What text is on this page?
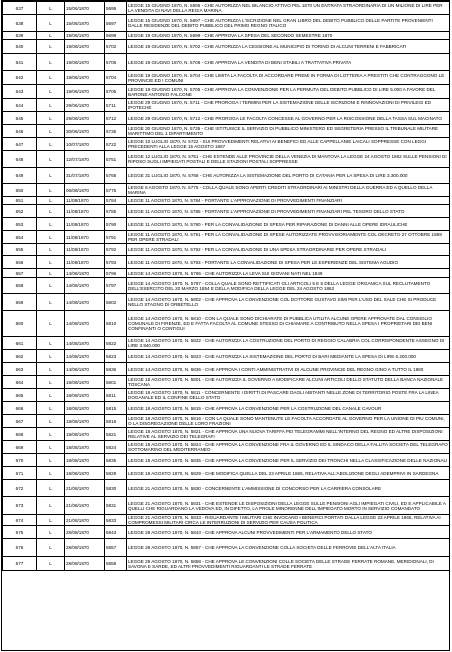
637	L	15/06/1870	5695	LEGGE 15 GIUGNO 1870, N. 5695 - CHE AUTORIZZA NEL BILANCIO ATTIVO PEL 1870 UN ENTRATA STRAORDINARIA DI UN MILIONE DI LIRE PER LA VENDITA DI NAVI DELLA REGIA MARINA
638	L	15/06/1870	5697	LEGGE 15 GIUGNO 1870, N. 5697 - CHE AUTORIZZA L'ISCRIZIONE NEL GRAN LIBRO DEL DEBITO PUBBLICO DELLE PARTITE PROVENIENTI DALLE RESIDENZE DEL DEBITO PUBBLICO DEL PRIMO REGNO ITALICO
639	L	19/06/1870	5699	LEGGE 19 GIUGNO 1870, N. 5699 - CHE APPROVA LA SPESA DEL SECONDO SEMESTRE 1870
640	L	19/06/1870	5702	LEGGE 19 GIUGNO 1870, N. 5702 - CHE AUTORIZZA LA CESSIONE AL MUNICIPIO DI TORINO DI ALCUNI TERRENI E FABBRICATI
641	L	19/06/1870	5706	LEGGE 19 GIUGNO 1870, N. 5706 - CHE APPROVA LA VENDITA DI BENI STABILI A TRATTATIVA PRIVATA
642	L	19/06/1870	5704	LEGGE 19 GIUGNO 1870, N. 5704 - CHE LIMITA LA FACOLTA DI ACCORDARE PREMI IN FORMA DI LOTTERIA A PRESTITI CHE CONTRAGGONO LE PROVINCIE ED I COMUNI
643	L	19/06/1870	5705	LEGGE 19 GIUGNO 1870, N. 5705 - CHE APPROVA LA CONVENZIONE PER LA PERMUTA DEL DEBITO PUBBLICO DI LIRE 5.000 A FAVORE DEL BARONE ANTONIO FALCONE
644	L	29/06/1870	5711	LEGGE 29 GIUGNO 1870, N. 5711 - CHE PROROGA I TERMINI PER LA SISTEMAZIONE DELLE ISCRIZIONI E RINNOVAZIONI DI PRIVILEGI ED IPOTECHE
645	L	29/06/1870	5712	LEGGE 29 GIUGNO 1870, N. 5712 - CHE PROROGA LE FACOLTA CONCESSE AL GOVERNO PER LA RISCOSSIONE DELLA TASSA SUL MACINATO
646	L	30/06/1870	5735	LEGGE 30 GIUGNO 1870, N. 5735 - CHE ISTITUISCE IL SERVIZIO DI PUBBLICO MINISTERO ED SEGRETERIA PRESSO IL TRIBUNALE MILITARE MARITTIMO DEL 1 DIPARTIMENTO
647	L	10/07/1870	5722	LEGGE 10 LUGLIO 1870, N. 5722 - SUI PROVVEDIMENTI RELATIVI AI BENEFICI ED ALLE CAPPELLANIE LAICALI SOPPRESSE CON LEGGI PRECEDENTI ALLA LEGGE 15 AGOSTO 1867
648	L	12/07/1870	5751	LEGGE 12 LUGLIO 1870, N. 5751 - CHE ESTENDE ALLE PROVINCIE DELLA VENEZIA DI MANTOVA LA LEGGE 24 AGOSTO 1862 SULLE PENSIONI DI RIPOSO SUGLI IMPIEGATI POSTALI E DELLE STAZIONI POSTALI SOPPRESSE
649	L	31/07/1870	5768	LEGGE 31 LUGLIO 1870, N. 5768 - CHE AUTORIZZA LA SISTEMAZIONE DEL PORTO DI CATANIA PER LA SPESA DI LIRE 3.300.000
650	L	06/08/1870	5775	LEGGE 6 AGOSTO 1870, N. 5775 - COLLA QUALE SONO APERTI CREDITI STRAORDINARI AI MINISTRI DELLA GUERRA ED A QUELLO DELLA MARINA
651	L	11/08/1870	5784	LEGGE 11 AGOSTO 1870, N. 5784 - PORTANTE L'APPROVAZIONE DI PROVVEDIMENTI FINANZIARI
652	L	11/08/1870	5785	LEGGE 11 AGOSTO 1870, N. 5785 - PORTANTE L'APPROVAZIONE DI PROVVEDIMENTI FINANZIARI PEL TESORO DELLO STATO
653	L	11/08/1870	5790	LEGGE 11 AGOSTO 1870, N. 5790 - PER LA CONVALIDAZIONE DI SPESA PER RIPARAZIONE DI DANNI ALLE OPERE IDRAULICHE
654	L	11/08/1870	5791	LEGGE 11 AGOSTO 1870, N. 5791 - PER LA CONVALIDAZIONE DI SPESE AUTORIZZATE PROVVISORIAMENTE COL DECRETO 27 OTTOBRE 1869 PER OPERE STRADALI
655	L	11/08/1870	5792	LEGGE 11 AGOSTO 1870, N. 5792 - PER LA CONVALIDAZIONE DI UNA SPESA STRAORDINARIE PER OPERE STRADALI
656	L	11/08/1870	5793	LEGGE 11 AGOSTO 1870, N. 5793 - PORTANTE LA CONVALIDAZIONE DI SPESA PER LE ESPERIENZE DEL SISTEMA AGUDIO
657	L	14/08/1870	5796	LEGGE 14 AGOSTO 1870, N. 5796 - CHE AUTORIZZA LA LEVA SUI GIOVANI NATI NEL 1849
658	L	14/08/1870	5797	LEGGE 14 AGOSTO 1870, N. 5797 - COLLA QUALE SONO RETTIFICATI GLI ARTICOLI 5 E 6 DELLA LEGGE ORGANICA SUL RECLUTAMENTO DELL'ESERCITO DEL 20 MARZO 1854 E DELLA MODIFICA DELLA LEGGE DEL 24 AGOSTO 1862
659	L	14/08/1870	5802	LEGGE 14 AGOSTO 1870, N. 5802 - CHE APPROVA LA CONVENZIONE COL DOTTORE GUSTAVO SIMI PER L'USO DEL SALE CHE SI PRODUCE NELLO STAGNO DI ORBETELLO
660	L	14/08/1870	5810	LEGGE 14 AGOSTO 1870, N. 5810 - CON LA QUALE SONO DICHIARATE DI PUBBLICA UTILITA ALCUNE OPERE APPROVATE DAL CONSIGLIO COMUNALE DI FIRENZE, ED E FATTA FACOLTA AL COMUNE STESSO DI CHIAMARE A CONTRIBUTO NELLA SPESA I PROPRIETARI DEI BENI CONFINANTI O CONTIGUI
661	L	14/08/1870	5822	LEGGE 14 AGOSTO 1870, N. 5822 - CHE AUTORIZZA LA COSTRUZIONE DEL PORTO DI REGGIO CALABRIA COL CORRISPONDENTE ASSEGNO DI LIRE 3.940.000
662	L	14/08/1870	5823	LEGGE 14 AGOSTO 1870, N. 5823 - CHE AUTORIZZA LA SISTEMAZIONE DEL PORTO DI BARI MEDIANTE LA SPESA DI LIRE 6.200.000
663	L	14/08/1870	5836	LEGGE 14 AGOSTO 1870, N. 5836 - CHE APPROVA I CONTI AMMINISTRATIVI DI ALCUNE PROVINCIE DEL REGNO GINO A TUTTO IL 1860
664	L	18/08/1870	5801	LEGGE 18 AGOSTO 1870, N. 5801 - CHE AUTORIZZA IL GOVERNO A MODIFICARE ALCUNI ARTICOLI DELLO STATUTO DELLA BANCA NAZIONALE TOSCANA
665	L	18/08/1870	5811	LEGGE 18 AGOSTO 1870, N. 5811 - CONCERNENTE I DIRITTI DI PASCARE DAGLI ABITANTI NELLE ZONE DI TERRITORIO POSTE FRA LA LINEA DOGANALE ED IL CONFINE DELLO STATO
666	L	18/08/1870	5815	LEGGE 18 AGOSTO 1870, N. 5815 - CHE APPROVA LA CONVENZIONE PER LA COSTRUZIONE DEL CANALE CAVOUR
667	L	18/08/1870	5816	LEGGE 18 AGOSTO 1870, N. 5816 - CON LA QUALE SONO MANTENUTE LE FACOLTA ACCORDATE AL GOVERNO PER LA UNIONE DI PIU COMUNI, O LA DISGREGAZIONE DELLE LORO FRAZIONI
668	L	18/08/1870	5821	LEGGE 18 AGOSTO 1870, N. 5821 - CHE APPROVA UNA NUOVA TARIFFA PEI TELEGRAMMI NELL'INTERNO DEL REGNO ED ALTRE DISPOSIZIONI RELATIVE AL SERVIZIO DEI TELEGRAFI
669	L	18/08/1870	5824	LEGGE 18 AGOSTO 1870, N. 5824 - CHE APPROVA LA CONVENZIONE FRA IL GOVERNO ED IL SINDACO DELLA FALLITA SOCIETA DEL TELEGRAFO SOTTOMARINO DEL MEDITERRANEO
670	L	18/08/1870	5835	LEGGE 18 AGOSTO 1870, N. 5835 - CHE APPROVA LA CONVENZIONE PER IL SERVIZIO DEI TRONCHI NELLA CLASSIFICAZIONE DELLE NAZIONALI
671	L	18/08/1870	5829	LEGGE 18 AGOSTO 1870, N. 5829 - CHE MODIFICA QUELLA DEL 23 APRILE 1865, RELATIVA ALL'ABOLIZIONE DEGLI ADEMPRIVI IN SARDEGNA
672	L	21/08/1870	5830	LEGGE 21 AGOSTO 1870, N. 5830 - CONCERNENTE L'AMMISSIONE DI CONCORSO PER LA CARRIERA CONSOLARE
673	L	21/08/1870	5831	LEGGE 21 AGOSTO 1870, N. 5831 - CHE ESTENDE LE DISPOSIZIONI DELLA LEGGE SULLE PENSIONI AGLI IMPIEGATI CIVILI, ED E APPLICABILE A QUELLI CHE RIGUARDANO LA VEDOVA ED, IN DIFETTO, LA PROLE MINORENNE DELL'IMPIEGATO MORTO IN SERVIZIO COMANDATO
674	L	21/08/1870	5833	LEGGE 21 AGOSTO 1870, N. 5833 - RIGUARDANTE I MILITARI CHE INVOCANO I BENEFICI PORTATI DALLA LEGGE 23 APRILE 1865, RELATIVA AI COMPROMESSI MILITARI CIRCA LE INTERRUZIONI DI SERVIZIO PER CAUSA POLITICA
675	L	28/08/1870	5843	LEGGE 28 AGOSTO 1870, N. 5843 - CHE APPROVA ALCUNI PROVVEDIMENTI PER L'ARMAMENTO DELLO STATO
676	L	28/08/1870	5857	LEGGE 28 AGOSTO 1870, N. 5857 - CHE APPROVA LA CONVENZIONE COLLA SOCIETA DELLE FERROVIE DELL'ALTA ITALIA
677	L	28/08/1870	5858	LEGGE 28 AGOSTO 1870, N. 5858 - CHE APPROVA LE CONVENZIONI COLLE SOCIETA DELLE STRADE FERRATE ROMANE, MERIDIONALI, DI SAVONA E SARDE, ED ALTRI PROVVEDIMENTI RIGUARDANTI LE STRADE FERRATE
